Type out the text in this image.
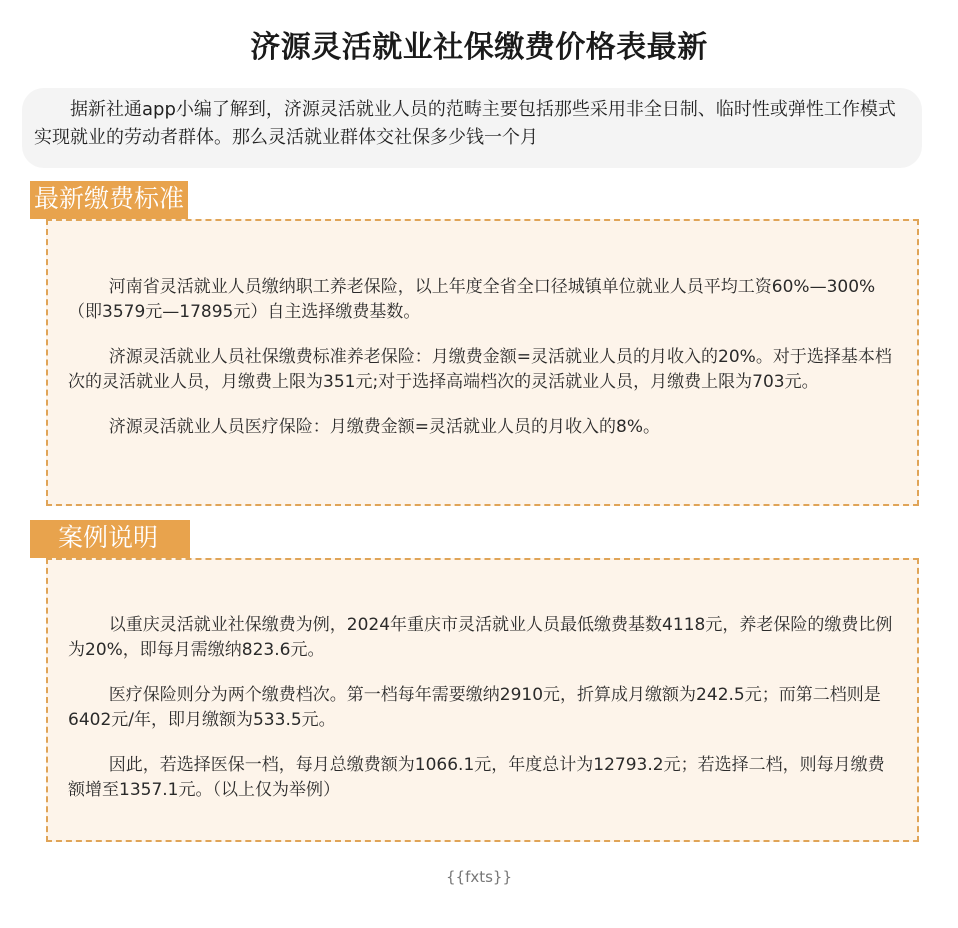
济源灵活就业社保缴费价格表最新

据新社通app小编了解到，济源灵活就业人员的范畴主要包括那些采用非全日制、临时性或弹性工作模式实现就业的劳动者群体。那么灵活就业群体交社保多少钱一个月

最新缴费标准

河南省灵活就业人员缴纳职工养老保险，以上年度全省全口径城镇单位就业人员平均工资60%—300%（即3579元—17895元）自主选择缴费基数。

济源灵活就业人员社保缴费标准养老保险：月缴费金额=灵活就业人员的月收入的20%。对于选择基本档次的灵活就业人员，月缴费上限为351元;对于选择高端档次的灵活就业人员，月缴费上限为703元。

济源灵活就业人员医疗保险：月缴费金额=灵活就业人员的月收入的8%。

案例说明

以重庆灵活就业社保缴费为例，2024年重庆市灵活就业人员最低缴费基数4118元，养老保险的缴费比例为20%，即每月需缴纳823.6元。

医疗保险则分为两个缴费档次。第一档每年需要缴纳2910元，折算成月缴额为242.5元；而第二档则是6402元/年，即月缴额为533.5元。

因此，若选择医保一档，每月总缴费额为1066.1元，年度总计为12793.2元；若选择二档，则每月缴费额增至1357.1元。（以上仅为举例）

{{fxts}}
